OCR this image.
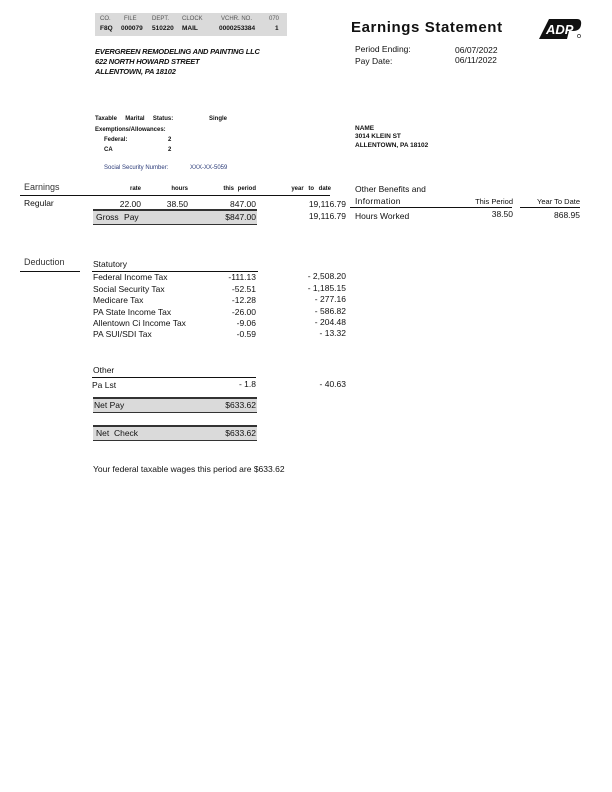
CO. FILE	DEPT. CLOCK	VCHR. NO.	070
F8Q 000079 510220 MAIL	0000253384	1
EVERGREEN REMODELING AND PAINTING LLC
622 NORTH HOWARD STREET
ALLENTOWN, PA 18102
Earnings Statement	ADP
Period Ending:	06/07/2022
Pay Date:	06/11/2022
Taxable     Marital     Status:	Single
Exemptions/Allowances:
Federal:	2
CA	2
Social Security Number:	XXX-XX-5059
NAME
3014 KLEIN ST
ALLENTOWN, PA 18102
Earnings	rate	hours	this period	year to date
Regular	22.00	38.50	847.00	19,116.79
Gross Pay	$847.00	19,116.79
Other Benefits and
Information	This Period	Year To Date
Hours Worked	38.50	868.95
Deduction	Statutory
Federal Income Tax	-111.13	- 2,508.20
Social Security Tax	-52.51	- 1,185.15
Medicare Tax	-12.28	- 277.16
PA State Income Tax	-26.00	- 586.82
Allentown Ci Income Tax	-9.06	- 204.48
PA SUI/SDI Tax	-0.59	- 13.32
Other
Pa Lst	- 1.8	- 40.63
Net Pay	$633.62
Net  Check	$633.62
Your federal taxable wages this period are $633.62
